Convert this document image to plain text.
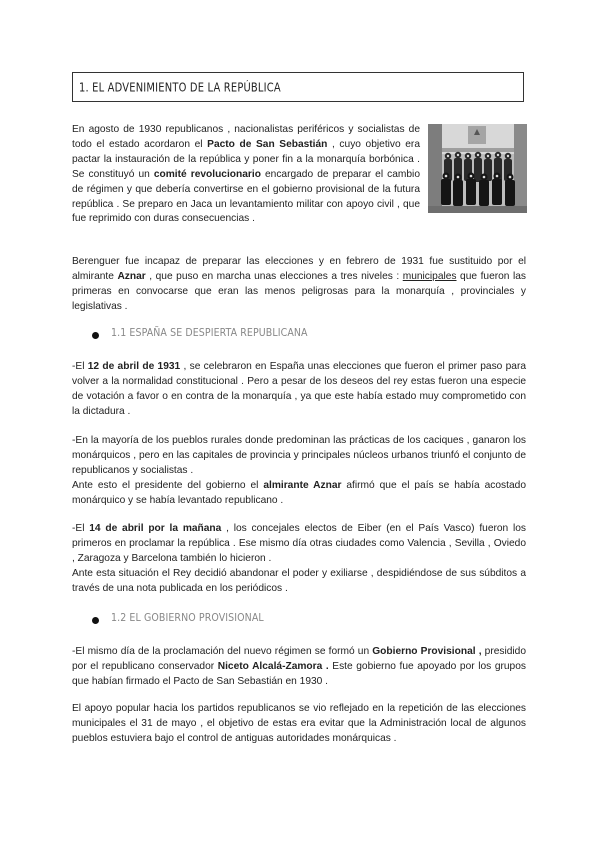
1. EL ADVENIMIENTO DE LA REPÚBLICA

En agosto de 1930 republicanos , nacionalistas periféricos y socialistas de todo el estado acordaron el Pacto de San Sebastián , cuyo objetivo era pactar la instauración de la república y poner fin a la monarquía borbónica . Se constituyó un comité revolucionario encargado de preparar el cambio de régimen y que debería convertirse en el gobierno provisional de la futura república . Se preparo en Jaca un levantamiento militar con apoyo civil , que fue reprimido con duras consecuencias .

Berenguer fue incapaz de preparar las elecciones y en febrero de 1931 fue sustituido por el almirante Aznar , que puso en marcha unas elecciones a tres niveles : municipales que fueron las primeras en convocarse que eran las menos peligrosas para la monarquía , provinciales y legislativas .

1.1 ESPAÑA SE DESPIERTA REPUBLICANA

-El 12 de abril de 1931 , se celebraron en España unas elecciones que fueron el primer paso para volver a la normalidad constitucional . Pero a pesar de los deseos del rey estas fueron una especie de votación a favor o en contra de la monarquía , ya que este había estado muy comprometido con la dictadura .

-En la mayoría de los pueblos rurales donde predominan las prácticas de los caciques , ganaron los monárquicos , pero en las capitales de provincia y principales núcleos urbanos triunfó el conjunto de republicanos y socialistas .
Ante esto el presidente del gobierno el almirante Aznar afirmó que el país se había acostado monárquico y se había levantado republicano .

-El 14 de abril por la mañana , los concejales electos de Eiber (en el País Vasco) fueron los primeros en proclamar la república . Ese mismo día otras ciudades como Valencia , Sevilla , Oviedo , Zaragoza y Barcelona también lo hicieron .
Ante esta situación el Rey decidió abandonar el poder y exiliarse , despidiéndose de sus súbditos a través de una nota publicada en los periódicos .

1.2 EL GOBIERNO PROVISIONAL

-El mismo día de la proclamación del nuevo régimen se formó un Gobierno Provisional , presidido por el republicano conservador Niceto Alcalá-Zamora . Este gobierno fue apoyado por los grupos que habían firmado el Pacto de San Sebastián en 1930 .

El apoyo popular hacia los partidos republicanos se vio reflejado en la repetición de las elecciones municipales el 31 de mayo , el objetivo de estas era evitar que la Administración local de algunos pueblos estuviera bajo el control de antiguas autoridades monárquicas .
